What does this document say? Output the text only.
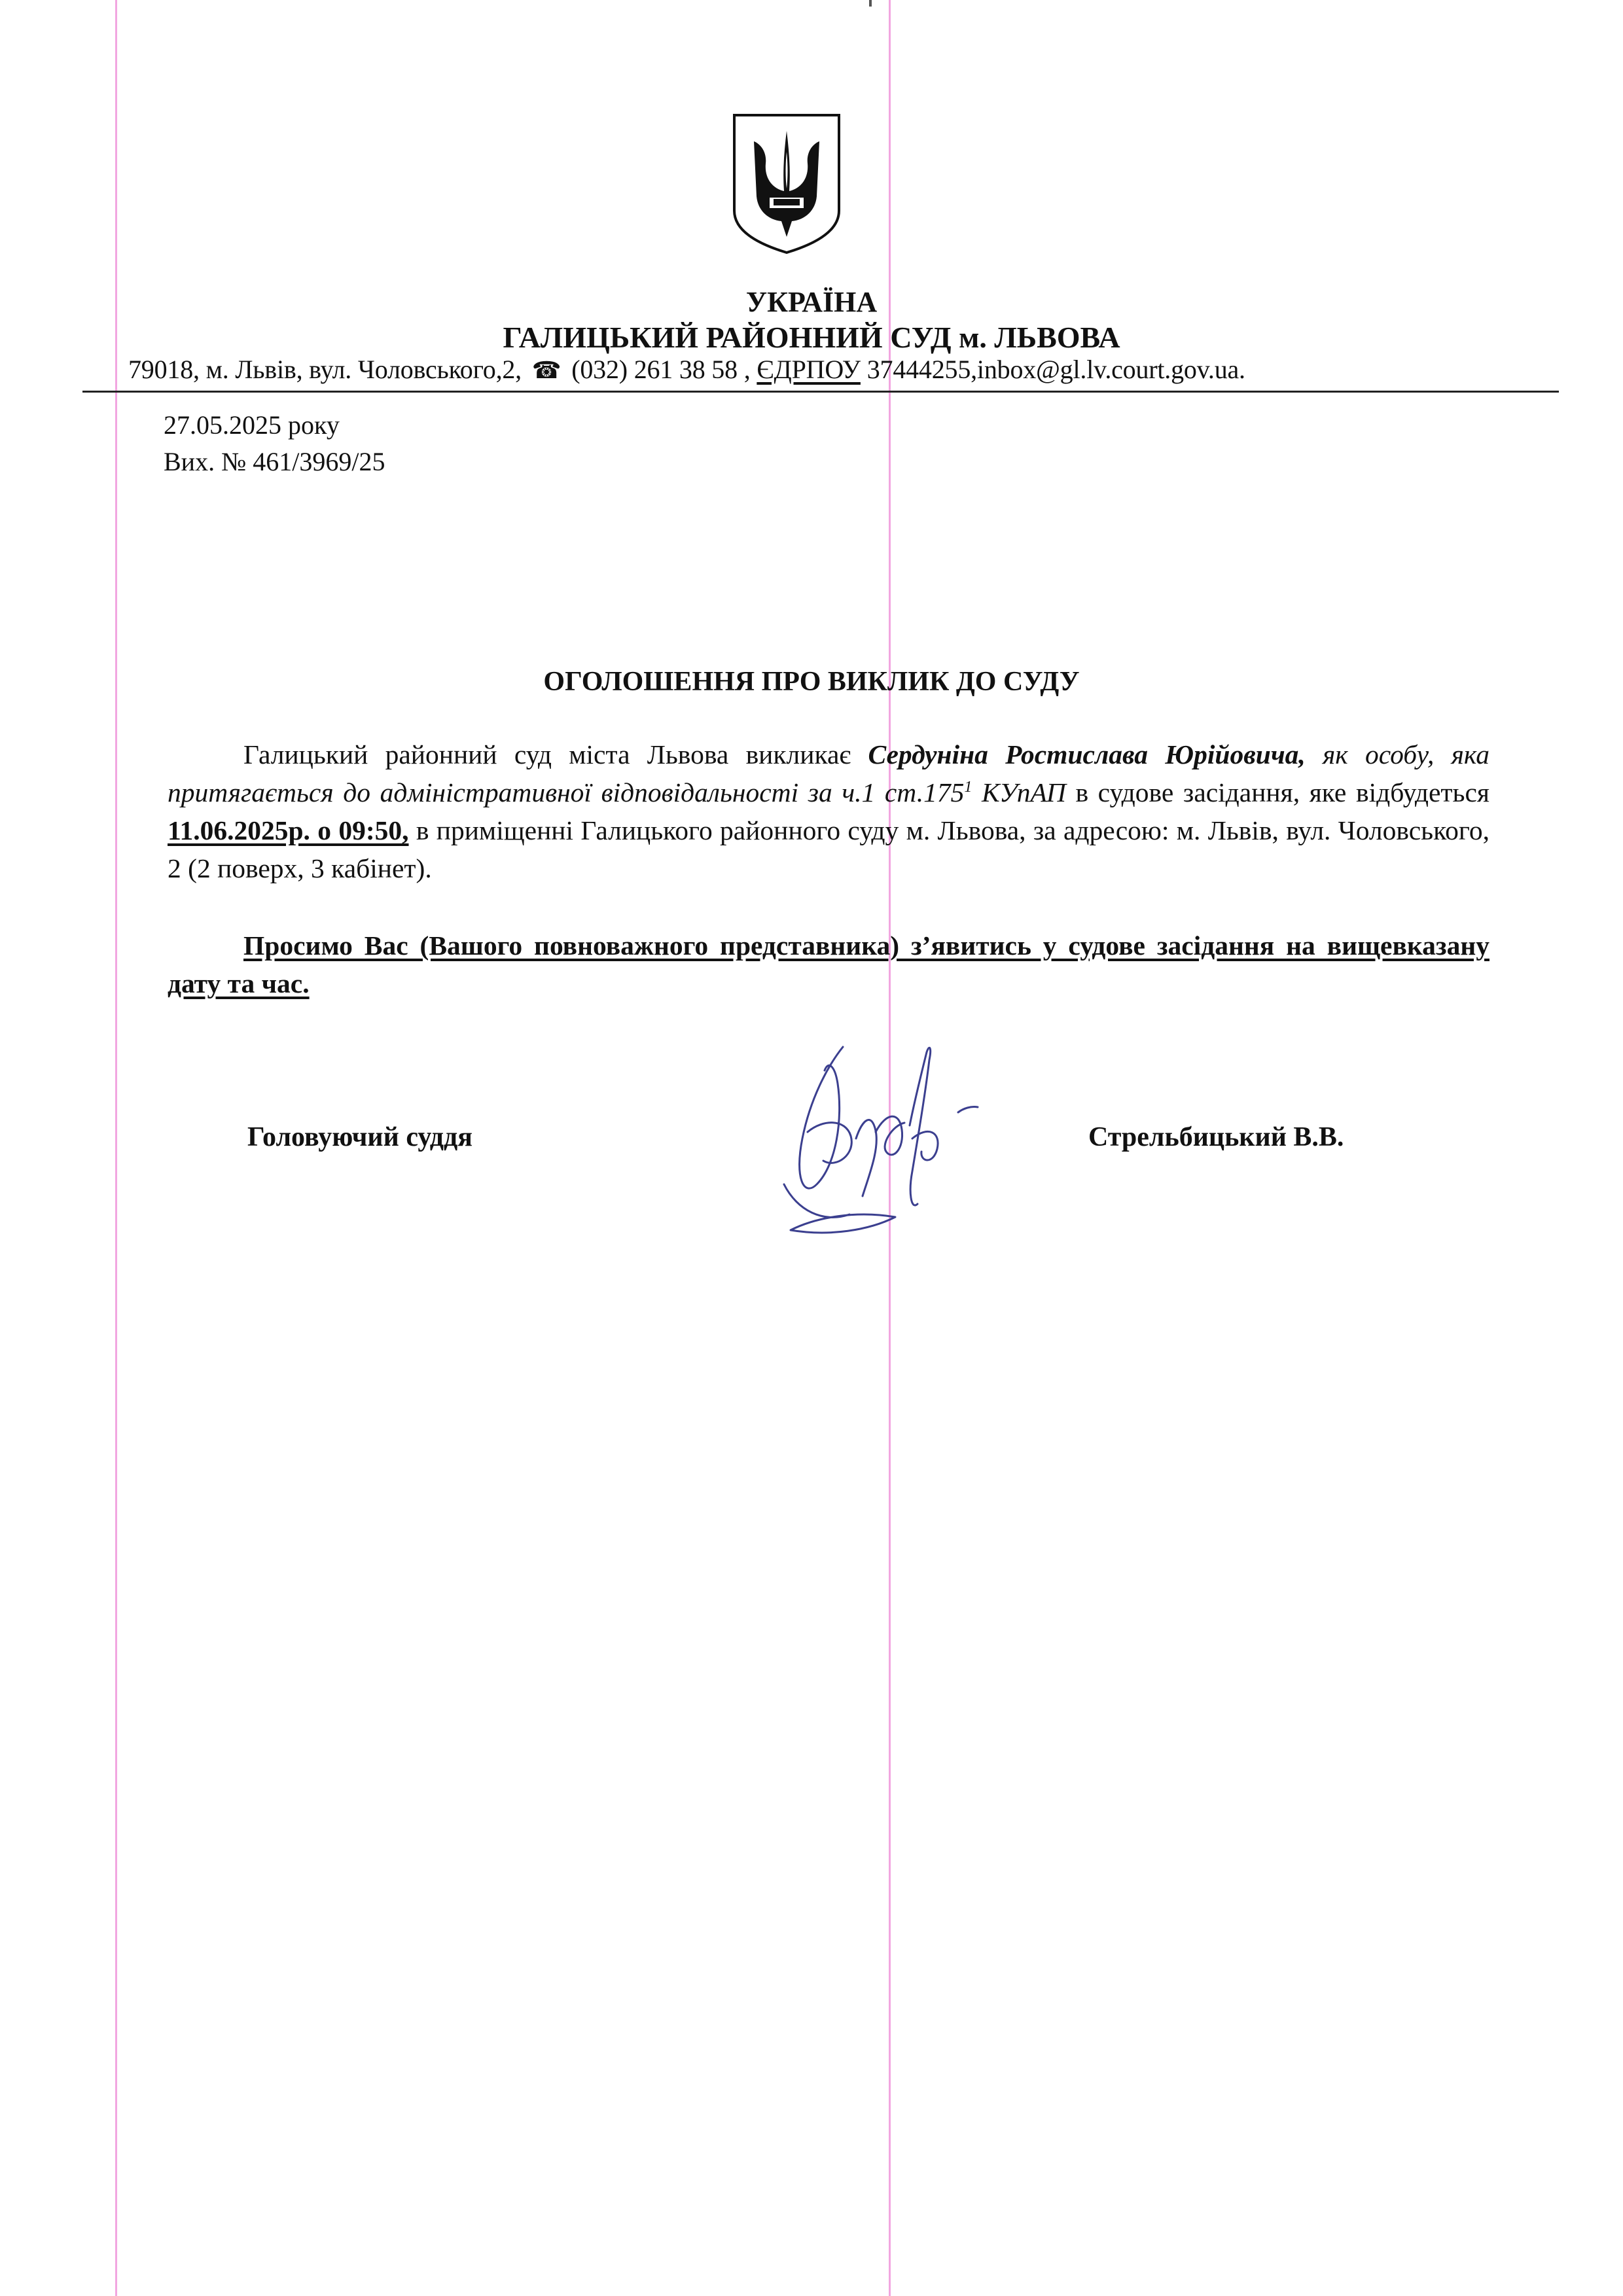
УКРАЇНА
ГАЛИЦЬКИЙ РАЙОННИЙ СУД м. ЛЬВОВА
79018, м. Львів, вул. Чоловського,2, ☎ (032) 261 38 58 , ЄДРПОУ 37444255,inbox@gl.lv.court.gov.ua.
27.05.2025 року
Вих. № 461/3969/25
ОГОЛОШЕННЯ ПРО ВИКЛИК ДО СУДУ
Галицький районний суд міста Львова викликає Сердуніна Ростислава Юрійовича, як особу, яка притягається до адміністративної відповідальності за ч.1 ст.175$^1$ КУпАП в судове засідання, яке відбудеться 11.06.2025р. о 09:50, в приміщенні Галицького районного суду м. Львова, за адресою: м. Львів, вул. Чоловського, 2 (2 поверх, 3 кабінет).
Просимо Вас (Вашого повноважного представника) з’явитись у судове засідання на вищевказану дату та час.
Головуючий суддя	Стрельбицький В.В.
